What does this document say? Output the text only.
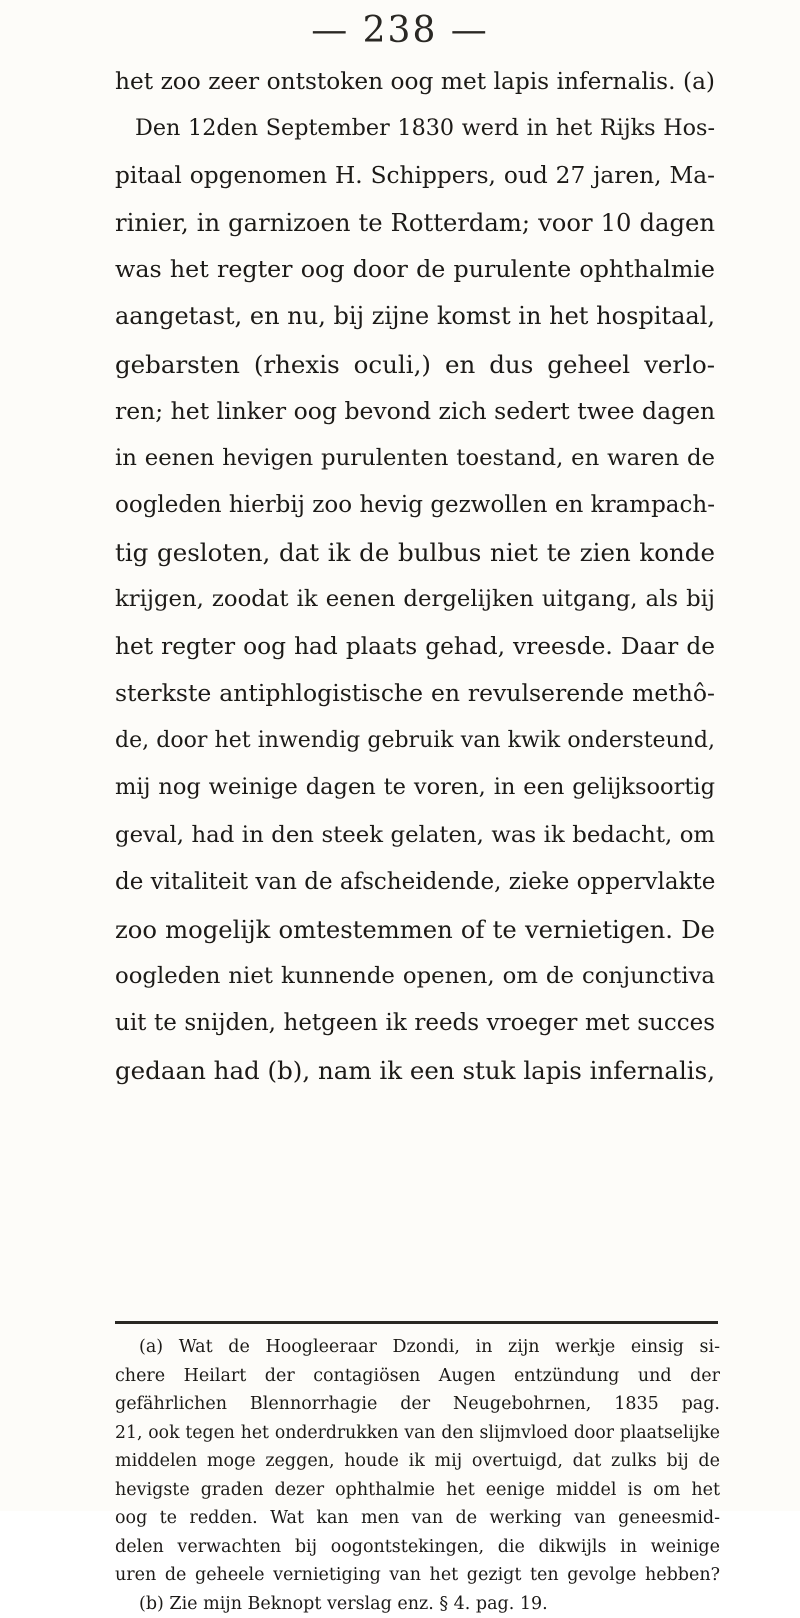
— 238 —
het zoo zeer ontstoken oog met lapis infernalis. (a)
Den 12den September 1830 werd in het Rijks Hos-
pitaal opgenomen H. Schippers, oud 27 jaren, Ma-
rinier, in garnizoen te Rotterdam; voor 10 dagen
was het regter oog door de purulente ophthalmie
aangetast, en nu, bij zijne komst in het hospitaal,
gebarsten (rhexis oculi,) en dus geheel verlo-
ren; het linker oog bevond zich sedert twee dagen
in eenen hevigen purulenten toestand, en waren de
oogleden hierbij zoo hevig gezwollen en krampach-
tig gesloten, dat ik de bulbus niet te zien konde
krijgen, zoodat ik eenen dergelijken uitgang, als bij
het regter oog had plaats gehad, vreesde. Daar de
sterkste antiphlogistische en revulserende methô-
de, door het inwendig gebruik van kwik ondersteund,
mij nog weinige dagen te voren, in een gelijksoortig
geval, had in den steek gelaten, was ik bedacht, om
de vitaliteit van de afscheidende, zieke oppervlakte
zoo mogelijk omtestemmen of te vernietigen. De
oogleden niet kunnende openen, om de conjunctiva
uit te snijden, hetgeen ik reeds vroeger met succes
gedaan had (b), nam ik een stuk lapis infernalis,
(a) Wat de Hoogleeraar Dzondi, in zijn werkje einsig si-
chere Heilart der contagiösen Augen entzündung und der
gefährlichen Blennorrhagie der Neugebohrnen, 1835 pag.
21, ook tegen het onderdrukken van den slijmvloed door plaatselijke
middelen moge zeggen, houde ik mij overtuigd, dat zulks bij de
hevigste graden dezer ophthalmie het eenige middel is om het
oog te redden. Wat kan men van de werking van geneesmid-
delen verwachten bij oogontstekingen, die dikwijls in weinige
uren de geheele vernietiging van het gezigt ten gevolge hebben?
(b) Zie mijn Beknopt verslag enz. § 4. pag. 19.
